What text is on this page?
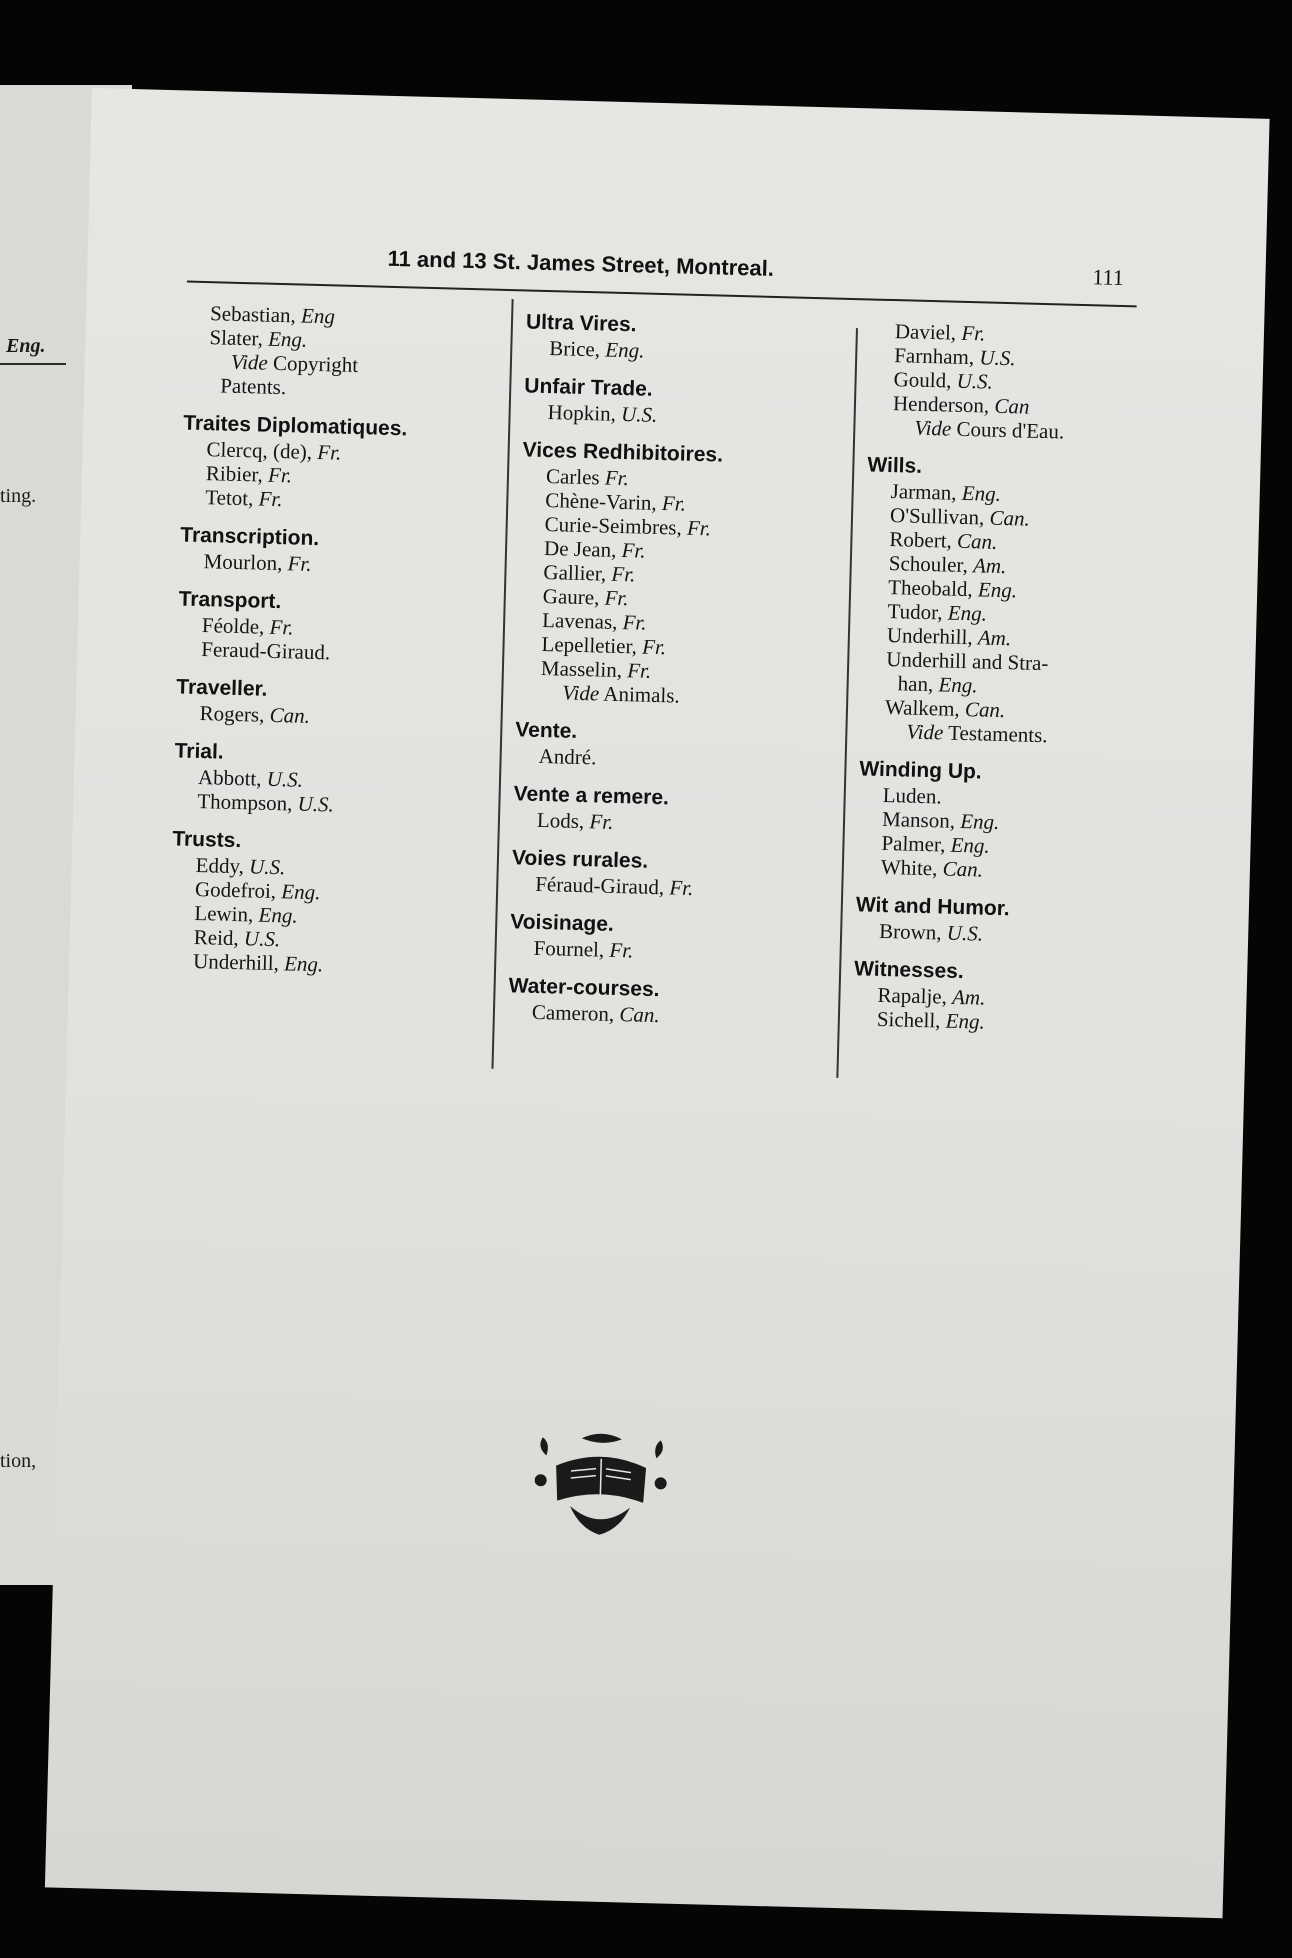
Eng.
ting.
tion,
11 and 13 St. James Street, Montreal.	111
Sebastian, Eng
Slater, Eng.
Vide Copyright
Patents.
Traites Diplomatiques.
Clercq, (de), Fr.
Ribier, Fr.
Tetot, Fr.
Transcription.
Mourlon, Fr.
Transport.
Féolde, Fr.
Feraud-Giraud.
Traveller.
Rogers, Can.
Trial.
Abbott, U.S.
Thompson, U.S.
Trusts.
Eddy, U.S.
Godefroi, Eng.
Lewin, Eng.
Reid, U.S.
Underhill, Eng.
Ultra Vires.
Brice, Eng.
Unfair Trade.
Hopkin, U.S.
Vices Redhibitoires.
Carles Fr.
Chène-Varin, Fr.
Curie-Seimbres, Fr.
De Jean, Fr.
Gallier, Fr.
Gaure, Fr.
Lavenas, Fr.
Lepelletier, Fr.
Masselin, Fr.
Vide Animals.
Vente.
André.
Vente a remere.
Lods, Fr.
Voies rurales.
Féraud-Giraud, Fr.
Voisinage.
Fournel, Fr.
Water-courses.
Cameron, Can.
Daviel, Fr.
Farnham, U.S.
Gould, U.S.
Henderson, Can
Vide Cours d'Eau.
Wills.
Jarman, Eng.
O'Sullivan, Can.
Robert, Can.
Schouler, Am.
Theobald, Eng.
Tudor, Eng.
Underhill, Am.
Underhill and Stra-
han, Eng.
Walkem, Can.
Vide Testaments.
Winding Up.
Luden.
Manson, Eng.
Palmer, Eng.
White, Can.
Wit and Humor.
Brown, U.S.
Witnesses.
Rapalje, Am.
Sichell, Eng.
